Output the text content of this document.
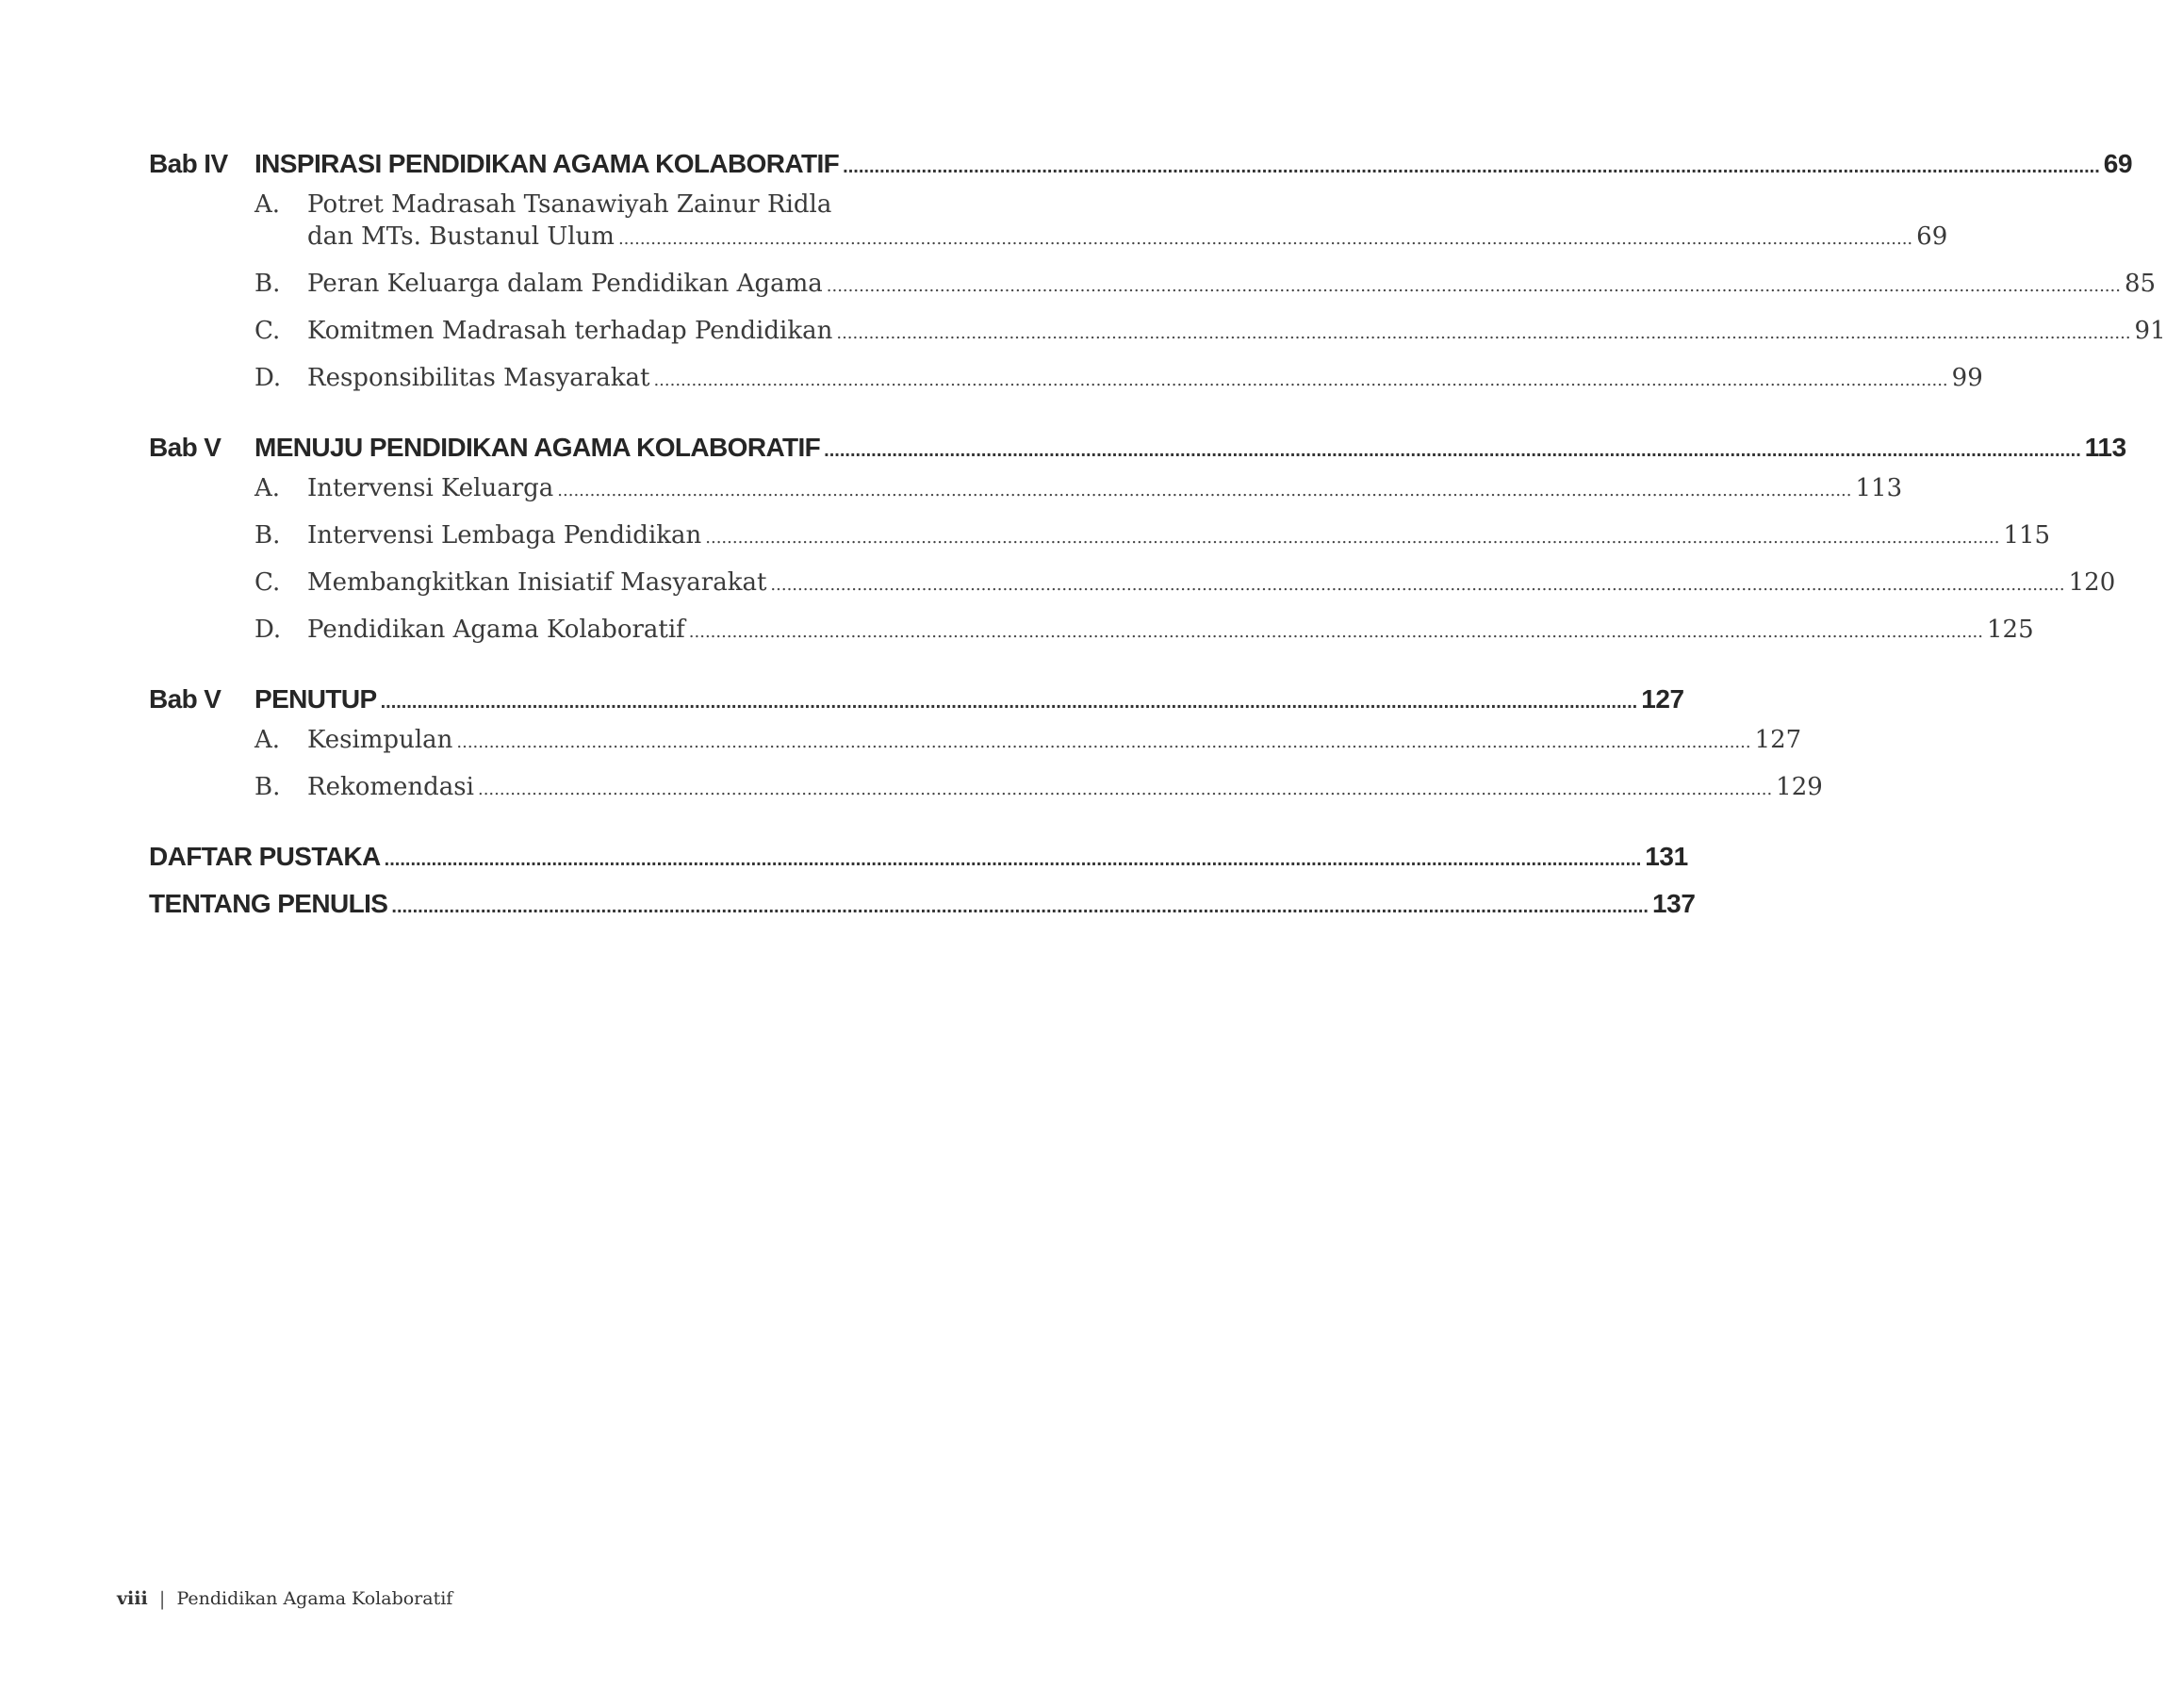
Bab IV	INSPIRASI PENDIDIKAN AGAMA KOLABORATIF .....	69
A.	Potret Madrasah Tsanawiyah Zainur Ridla
dan MTs. Bustanul Ulum .....	69
B.	Peran Keluarga dalam Pendidikan Agama .....	85
C.	Komitmen Madrasah terhadap Pendidikan .....	91
D.	Responsibilitas Masyarakat .....	99
Bab V	MENUJU PENDIDIKAN AGAMA KOLABORATIF .....	113
A.	Intervensi Keluarga .....	113
B.	Intervensi Lembaga Pendidikan .....	115
C.	Membangkitkan Inisiatif Masyarakat .....	120
D.	Pendidikan Agama Kolaboratif .....	125
Bab V	PENUTUP .....	127
A.	Kesimpulan .....	127
B.	Rekomendasi .....	129
DAFTAR PUSTAKA .....	131
TENTANG PENULIS .....	137
viii | Pendidikan Agama Kolaboratif
